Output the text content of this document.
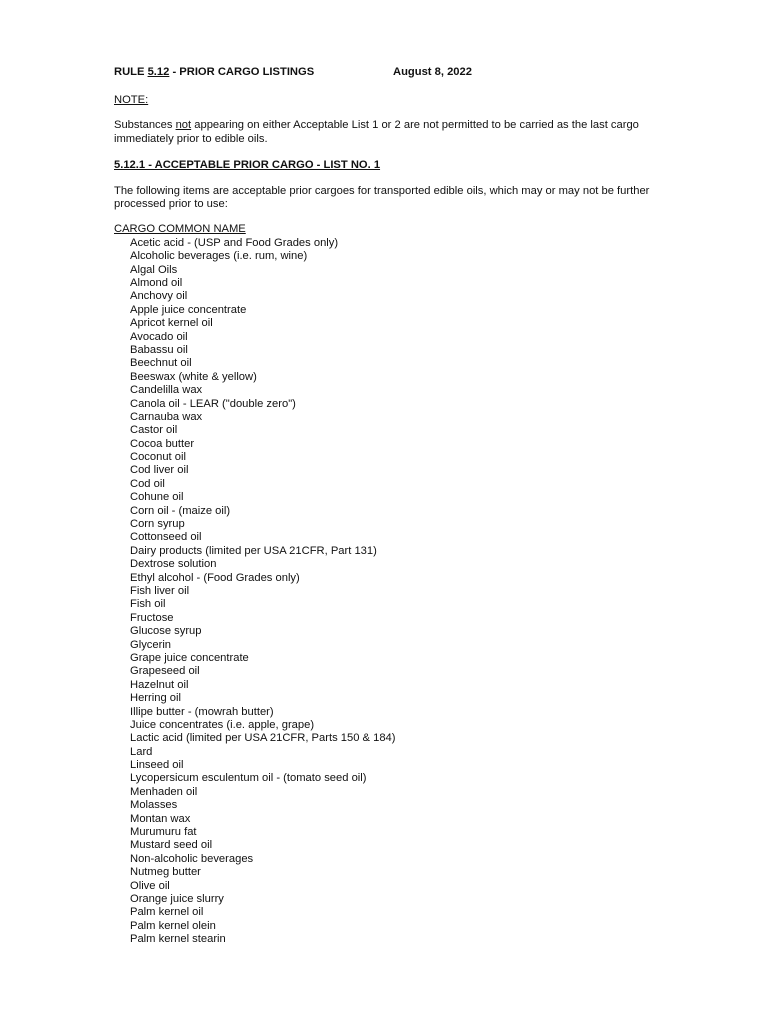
RULE 5.12 - PRIOR CARGO LISTINGS	August 8, 2022
NOTE:
Substances not appearing on either Acceptable List 1 or 2 are not permitted to be carried as the last cargo immediately prior to edible oils.
5.12.1 - ACCEPTABLE PRIOR CARGO - LIST NO. 1
The following items are acceptable prior cargoes for transported edible oils, which may or may not be further processed prior to use:
CARGO COMMON NAME
Acetic acid - (USP and Food Grades only)
Alcoholic beverages (i.e. rum, wine)
Algal Oils
Almond oil
Anchovy oil
Apple juice concentrate
Apricot kernel oil
Avocado oil
Babassu oil
Beechnut oil
Beeswax (white & yellow)
Candelilla wax
Canola oil - LEAR ("double zero")
Carnauba wax
Castor oil
Cocoa butter
Coconut oil
Cod liver oil
Cod oil
Cohune oil
Corn oil - (maize oil)
Corn syrup
Cottonseed oil
Dairy products (limited per USA 21CFR, Part 131)
Dextrose solution
Ethyl alcohol - (Food Grades only)
Fish liver oil
Fish oil
Fructose
Glucose syrup
Glycerin
Grape juice concentrate
Grapeseed oil
Hazelnut oil
Herring oil
Illipe butter - (mowrah butter)
Juice concentrates (i.e. apple, grape)
Lactic acid (limited per USA 21CFR, Parts 150 & 184)
Lard
Linseed oil
Lycopersicum esculentum oil - (tomato seed oil)
Menhaden oil
Molasses
Montan wax
Murumuru fat
Mustard seed oil
Non-alcoholic beverages
Nutmeg butter
Olive oil
Orange juice slurry
Palm kernel oil
Palm kernel olein
Palm kernel stearin
